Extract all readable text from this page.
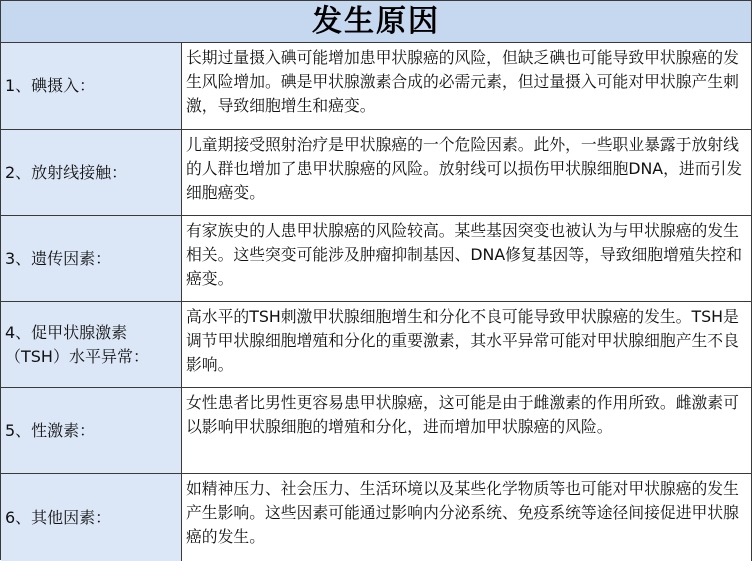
发生原因
1、碘摄入：
长期过量摄入碘可能增加患甲状腺癌的风险，但缺乏碘也可能导致甲状腺癌的发生风险增加。碘是甲状腺激素合成的必需元素，但过量摄入可能对甲状腺产生刺激，导致细胞增生和癌变。
2、放射线接触：
儿童期接受照射治疗是甲状腺癌的一个危险因素。此外，一些职业暴露于放射线的人群也增加了患甲状腺癌的风险。放射线可以损伤甲状腺细胞DNA，进而引发细胞癌变。
3、遗传因素：
有家族史的人患甲状腺癌的风险较高。某些基因突变也被认为与甲状腺癌的发生相关。这些突变可能涉及肿瘤抑制基因、DNA修复基因等，导致细胞增殖失控和癌变。
4、促甲状腺激素（TSH）水平异常：
高水平的TSH刺激甲状腺细胞增生和分化不良可能导致甲状腺癌的发生。TSH是调节甲状腺细胞增殖和分化的重要激素，其水平异常可能对甲状腺细胞产生不良影响。
5、性激素：
女性患者比男性更容易患甲状腺癌，这可能是由于雌激素的作用所致。雌激素可以影响甲状腺细胞的增殖和分化，进而增加甲状腺癌的风险。
6、其他因素：
如精神压力、社会压力、生活环境以及某些化学物质等也可能对甲状腺癌的发生产生影响。这些因素可能通过影响内分泌系统、免疫系统等途径间接促进甲状腺癌的发生。
